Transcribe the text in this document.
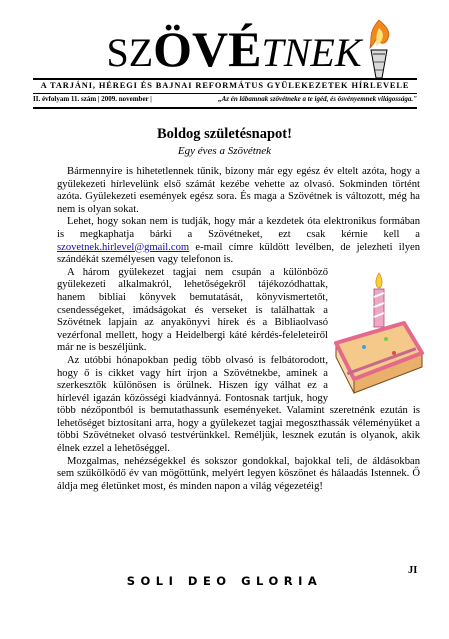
SZÖVÉTNEK
A TARJÁNI, HÉREGI ÉS BAJNAI REFORMÁTUS GYÜLEKEZETEK HÍRLEVELE
II. évfolyam 11. szám | 2009. november |	„Az én lábamnak szövétneke a te igéd, és ösvényemnek világossága."
Boldog születésnapot!
Egy éves a Szövétnek

Bármennyire is hihetetlennek tűnik, bizony már egy egész év eltelt azóta, hogy a gyülekezeti hírlevelünk első számát kezébe vehette az olvasó. Sokminden történt azóta. Gyülekezeti események egész sora. És maga a Szövétnek is változott, még ha nem is olyan sokat.

Lehet, hogy sokan nem is tudják, hogy már a kezdetek óta elektronikus formában is megkaphatja bárki a Szövétneket, ezt csak kérnie kell a szovetnek.hirlevel@gmail.com e-mail címre küldött levélben, de jelezheti ilyen szándékát személyesen vagy telefonon is.

A három gyülekezet tagjai nem csupán a különböző gyülekezeti alkalmakról, lehetőségekről tájékozódhattak, hanem bibliai könyvek bemutatását, könyvismertetőt, csendességeket, imádságokat és verseket is találhattak a Szövétnek lapjain az anyakönyvi hírek és a Bibliaolvasó vezérfonal mellett, hogy a Heidelbergi káté kérdés-feleleteiről már ne is beszéljünk.

Az utóbbi hónapokban pedig több olvasó is felbátorodott, hogy ő is cikket vagy hírt írjon a Szövétnekbe, aminek a szerkesztők különösen is örülnek. Hiszen így válhat ez a hírlevél igazán közösségi kiadvánnyá. Fontosnak tartjuk, hogy több nézőpontból is bemutathassunk eseményeket. Valamint szeretnénk ezután is lehetőséget biztosítani arra, hogy a gyülekezet tagjai megoszthassák véleményüket a többi Szövétneket olvasó testvérünkkel. Reméljük, lesznek ezután is olyanok, akik élnek ezzel a lehetőséggel.

Mozgalmas, nehézségekkel és sokszor gondokkal, bajokkal teli, de áldásokban sem szűkölködő év van mögöttünk, melyért legyen köszönet és hálaadás Istennek. Ő áldja meg életünket most, és minden napon a világ végezetéig!

JI
SOLI DEO GLORIA
